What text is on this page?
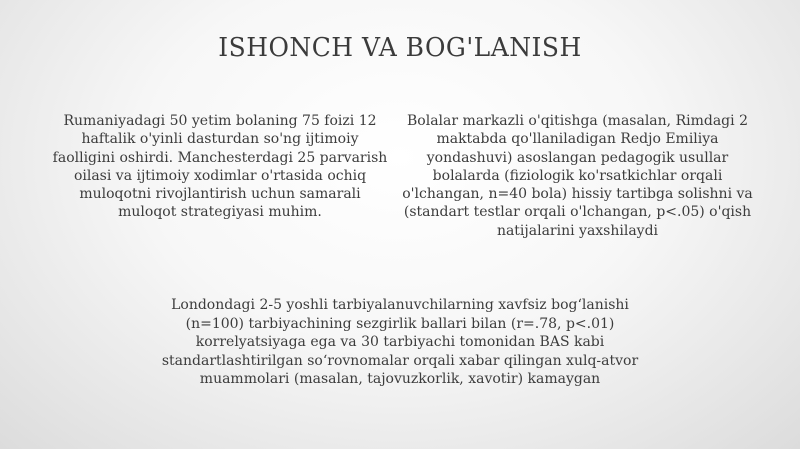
ISHONCH VA BOG'LANISH
Rumaniyadagi 50 yetim bolaning 75 foizi 12 haftalik o'yinli dasturdan so'ng ijtimoiy faolligini oshirdi. Manchesterdagi 25 parvarish oilasi va ijtimoiy xodimlar o'rtasida ochiq muloqotni rivojlantirish uchun samarali muloqot strategiyasi muhim.
Bolalar markazli o'qitishga (masalan, Rimdagi 2 maktabda qo'llaniladigan Redjo Emiliya yondashuvi) asoslangan pedagogik usullar bolalarda (fiziologik ko'rsatkichlar orqali o'lchangan, n=40 bola) hissiy tartibga solishni va (standart testlar orqali o'lchangan, p<.05) o'qish natijalarini yaxshilaydi
Londondagi 2-5 yoshli tarbiyalanuvchilarning xavfsiz bog‘lanishi (n=100) tarbiyachining sezgirlik ballari bilan (r=.78, p<.01) korrelyatsiyaga ega va 30 tarbiyachi tomonidan BAS kabi standartlashtirilgan so‘rovnomalar orqali xabar qilingan xulq-atvor muammolari (masalan, tajovuzkorlik, xavotir) kamaygan
